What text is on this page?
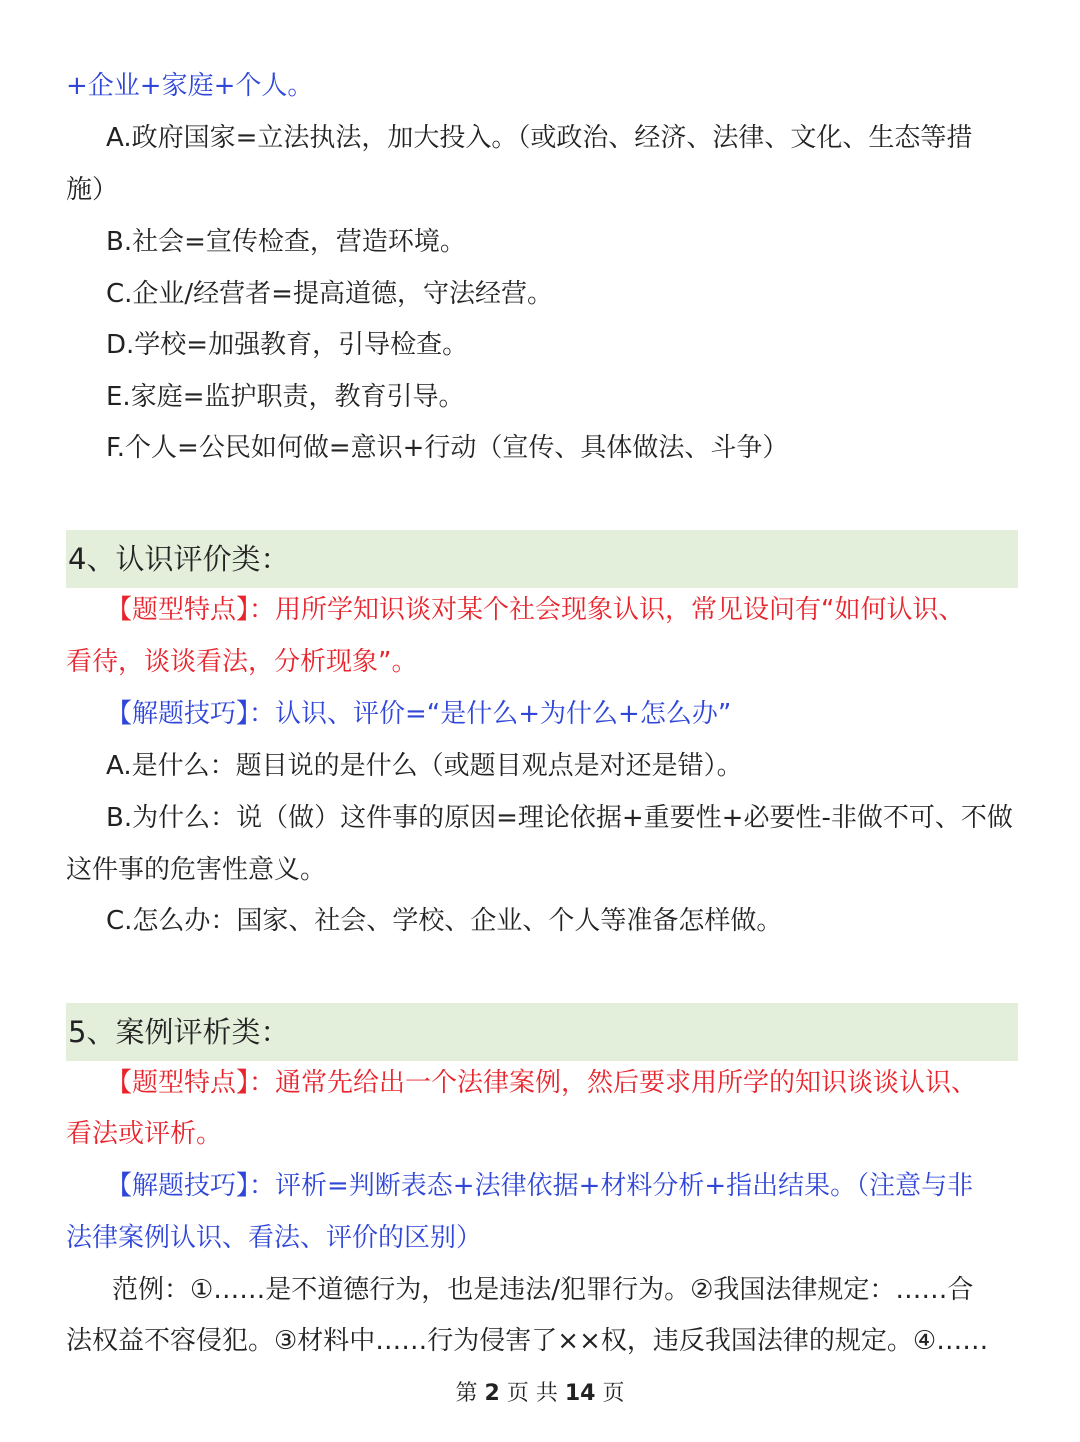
+企业+家庭+个人。
A.政府国家=立法执法，加大投入。（或政治、经济、法律、文化、生态等措
施）
B.社会=宣传检查，营造环境。
C.企业/经营者=提高道德，守法经营。
D.学校=加强教育，引导检查。
E.家庭=监护职责，教育引导。
F.个人=公民如何做=意识+行动（宣传、具体做法、斗争）
4、认识评价类：
【题型特点】：用所学知识谈对某个社会现象认识，常见设问有“如何认识、
看待，谈谈看法，分析现象”。
【解题技巧】：认识、评价=“是什么+为什么+怎么办”
A.是什么：题目说的是什么（或题目观点是对还是错）。
B.为什么：说（做）这件事的原因=理论依据+重要性+必要性-非做不可、不做
这件事的危害性意义。
C.怎么办：国家、社会、学校、企业、个人等准备怎样做。
5、案例评析类：
【题型特点】：通常先给出一个法律案例，然后要求用所学的知识谈谈认识、
看法或评析。
【解题技巧】：评析=判断表态+法律依据+材料分析+指出结果。（注意与非
法律案例认识、看法、评价的区别）
范例：①……是不道德行为，也是违法/犯罪行为。②我国法律规定：……合
法权益不容侵犯。③材料中……行为侵害了××权，违反我国法律的规定。④……
第 2 页 共 14 页
